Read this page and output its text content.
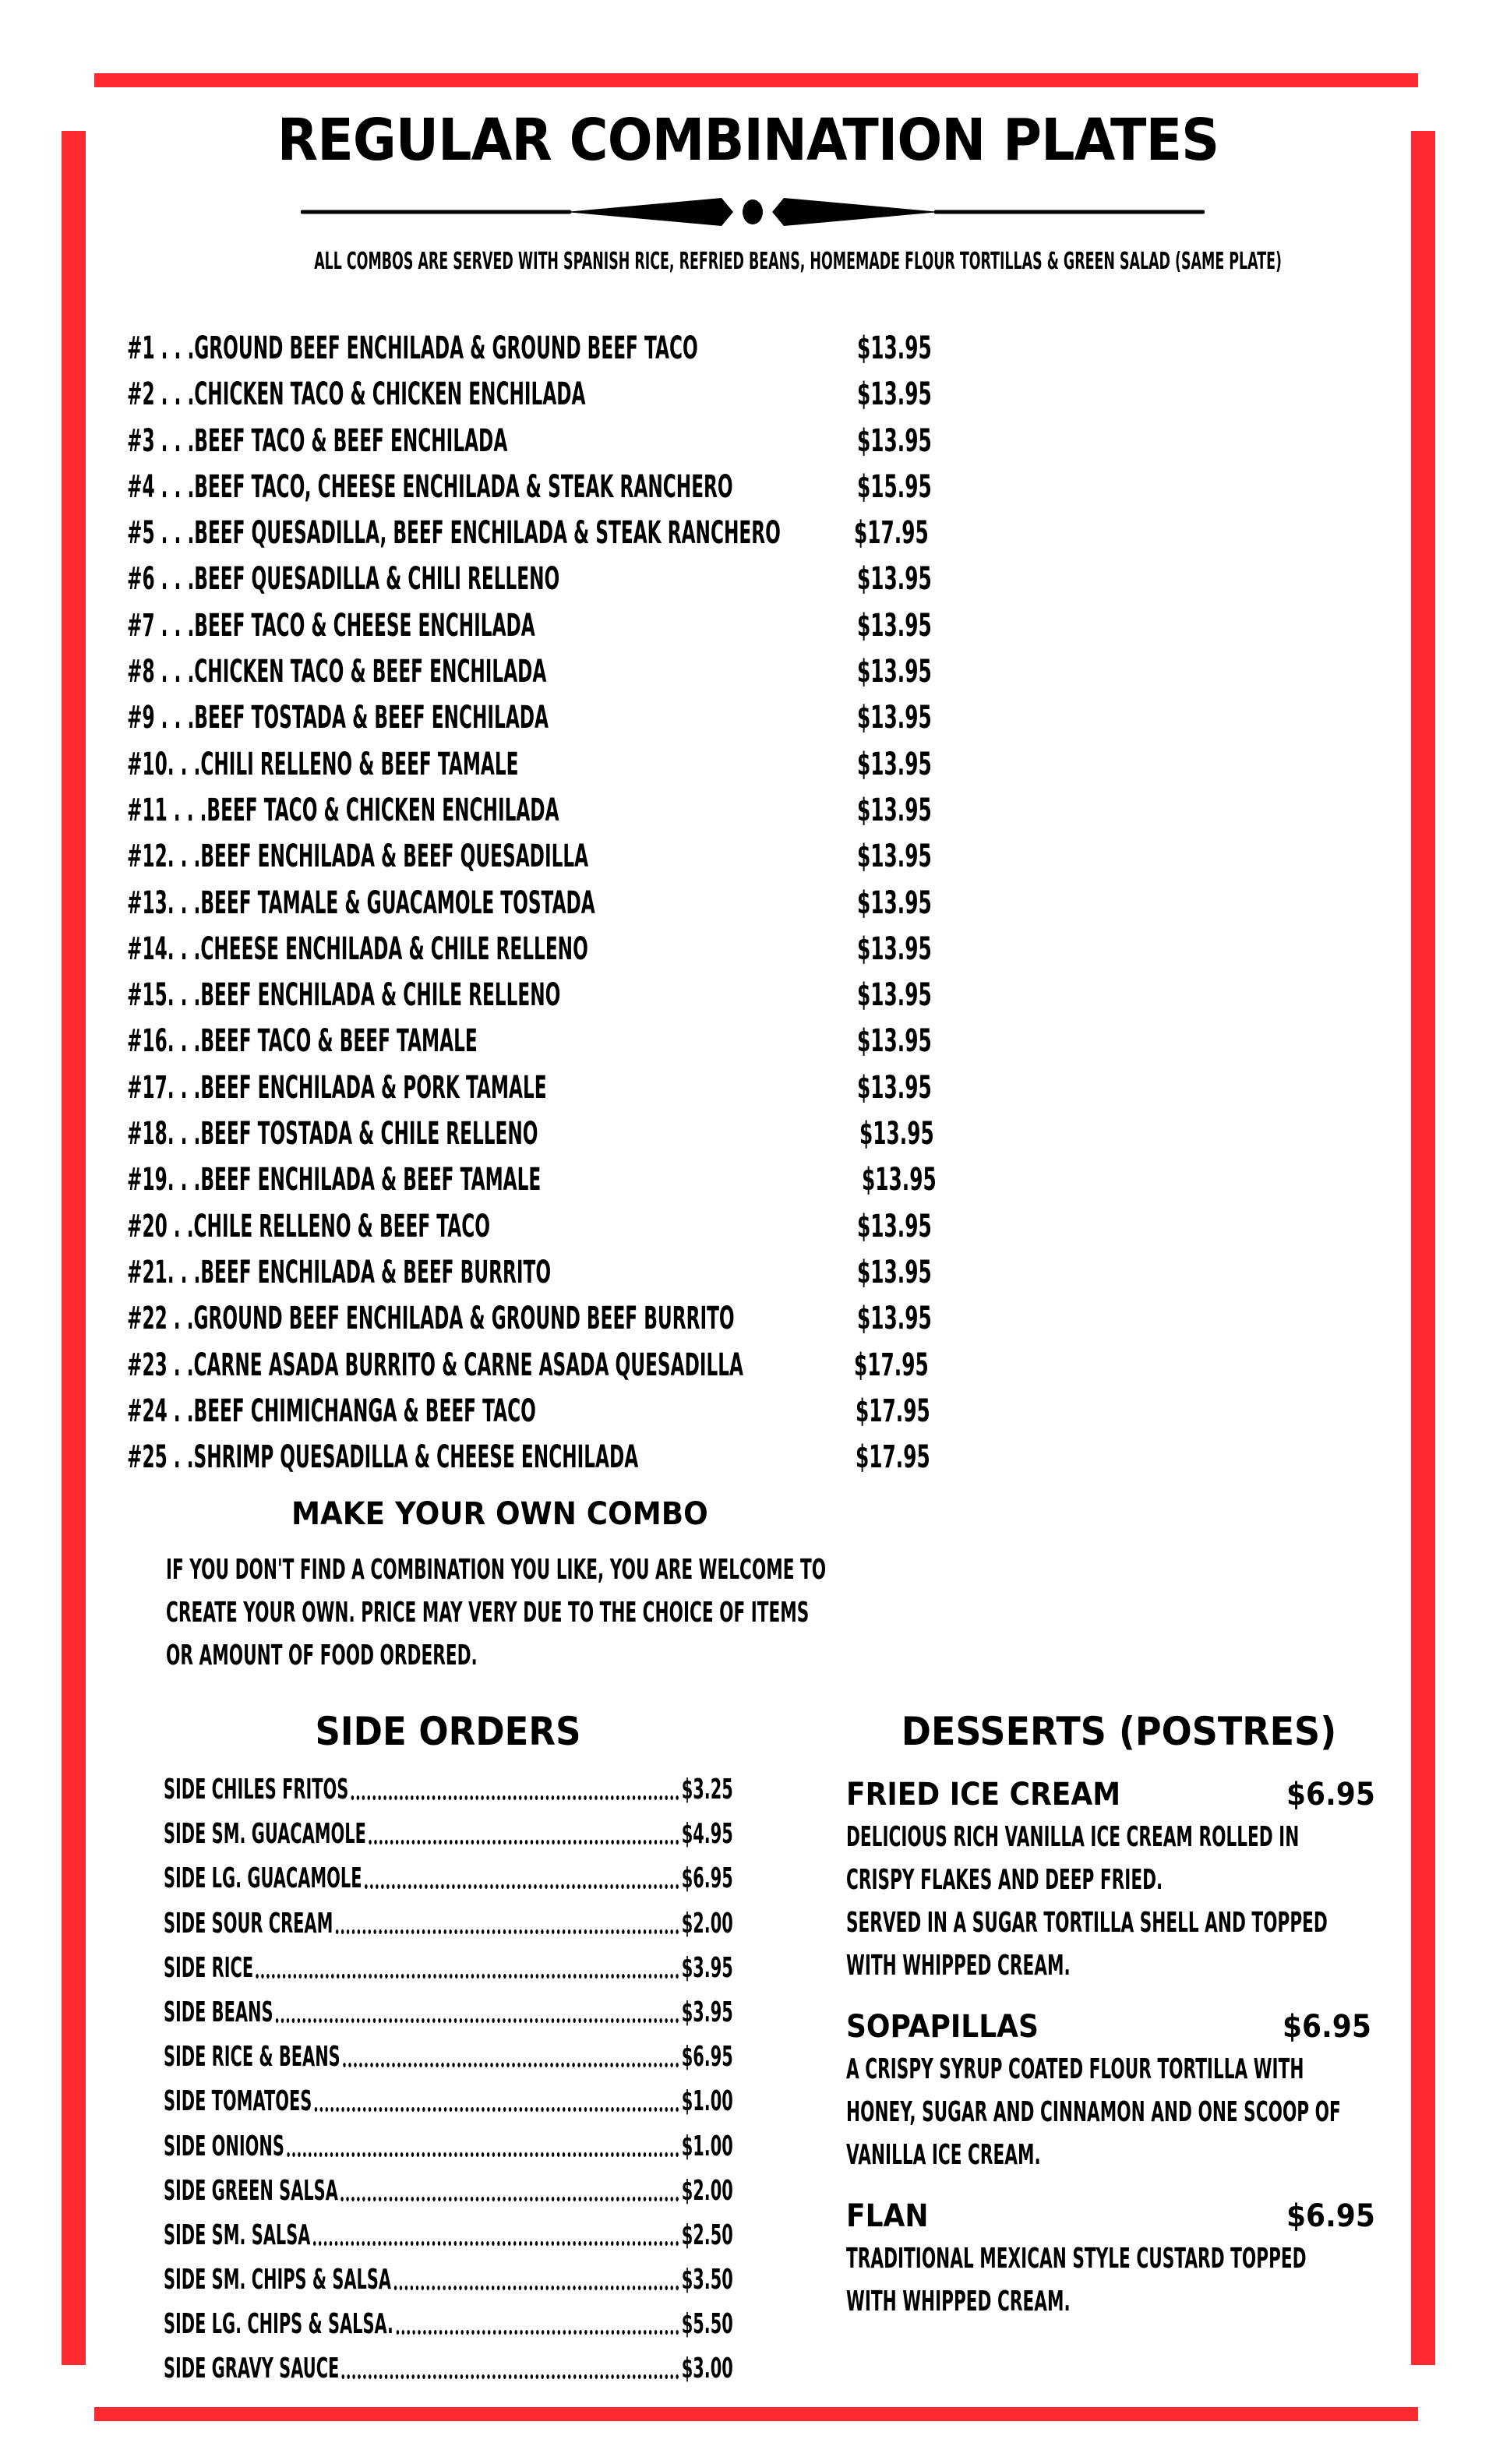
REGULAR COMBINATION PLATES
ALL COMBOS ARE SERVED WITH SPANISH RICE, REFRIED BEANS, HOMEMADE FLOUR TORTILLAS & GREEN SALAD (SAME PLATE)
#1 . . .GROUND BEEF ENCHILADA & GROUND BEEF TACO	$13.95
#2 . . .CHICKEN TACO & CHICKEN ENCHILADA	$13.95
#3 . . .BEEF TACO & BEEF ENCHILADA	$13.95
#4 . . .BEEF TACO, CHEESE ENCHILADA & STEAK RANCHERO	$15.95
#5 . . .BEEF QUESADILLA, BEEF ENCHILADA & STEAK RANCHERO $17.95
#6 . . .BEEF QUESADILLA & CHILI RELLENO	$13.95
#7 . . .BEEF TACO & CHEESE ENCHILADA	$13.95
#8 . . .CHICKEN TACO & BEEF ENCHILADA	$13.95
#9 . . .BEEF TOSTADA & BEEF ENCHILADA	$13.95
#10. . .CHILI RELLENO & BEEF TAMALE	$13.95
#11 . . .BEEF TACO & CHICKEN ENCHILADA	$13.95
#12. . .BEEF ENCHILADA & BEEF QUESADILLA	$13.95
#13. . .BEEF TAMALE & GUACAMOLE TOSTADA	$13.95
#14. . .CHEESE ENCHILADA & CHILE RELLENO	$13.95
#15. . .BEEF ENCHILADA & CHILE RELLENO	$13.95
#16. . .BEEF TACO & BEEF TAMALE	$13.95
#17. . .BEEF ENCHILADA & PORK TAMALE	$13.95
#18. . .BEEF TOSTADA & CHILE RELLENO	$13.95
#19. . .BEEF ENCHILADA & BEEF TAMALE	$13.95
#20 . .CHILE RELLENO & BEEF TACO	$13.95
#21. . .BEEF ENCHILADA & BEEF BURRITO	$13.95
#22 . .GROUND BEEF ENCHILADA & GROUND BEEF BURRITO	$13.95
#23 . .CARNE ASADA BURRITO & CARNE ASADA QUESADILLA	$17.95
#24 . .BEEF CHIMICHANGA & BEEF TACO	$17.95
#25 . .SHRIMP QUESADILLA & CHEESE ENCHILADA	$17.95
MAKE YOUR OWN COMBO
IF YOU DON'T FIND A COMBINATION YOU LIKE, YOU ARE WELCOME TO
CREATE YOUR OWN. PRICE MAY VERY DUE TO THE CHOICE OF ITEMS
OR AMOUNT OF FOOD ORDERED.
SIDE ORDERS
SIDE CHILES FRITOS	$3.25
SIDE SM. GUACAMOLE	$4.95
SIDE LG. GUACAMOLE	$6.95
SIDE SOUR CREAM	$2.00
SIDE RICE	$3.95
SIDE BEANS	$3.95
SIDE RICE & BEANS	$6.95
SIDE TOMATOES	$1.00
SIDE ONIONS	$1.00
SIDE GREEN SALSA	$2.00
SIDE SM. SALSA	$2.50
SIDE SM. CHIPS & SALSA	$3.50
SIDE LG. CHIPS & SALSA.	$5.50
SIDE GRAVY SAUCE	$3.00
DESSERTS (POSTRES)
FRIED ICE CREAM	$6.95
DELICIOUS RICH VANILLA ICE CREAM ROLLED IN
CRISPY FLAKES AND DEEP FRIED.
SERVED IN A SUGAR TORTILLA SHELL AND TOPPED
WITH WHIPPED CREAM.
SOPAPILLAS	$6.95
A CRISPY SYRUP COATED FLOUR TORTILLA WITH
HONEY, SUGAR AND CINNAMON AND ONE SCOOP OF
VANILLA ICE CREAM.
FLAN	$6.95
TRADITIONAL MEXICAN STYLE CUSTARD TOPPED
WITH WHIPPED CREAM.
